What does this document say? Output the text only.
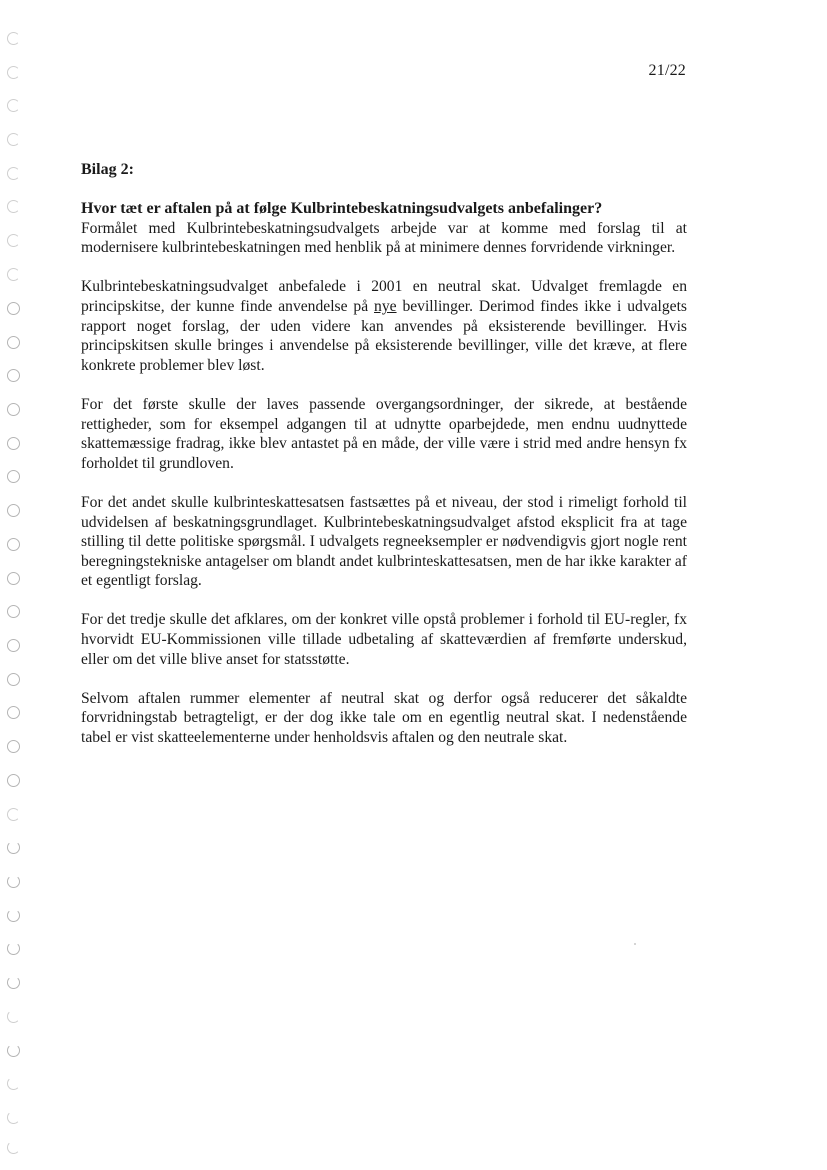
21/22
Bilag 2:
Hvor tæt er aftalen på at følge Kulbrintebeskatningsudvalgets anbefalinger?

Formålet med Kulbrintebeskatningsudvalgets arbejde var at komme med forslag til at modernisere kulbrintebeskatningen med henblik på at minimere dennes forvridende virkninger.

Kulbrintebeskatningsudvalget anbefalede i 2001 en neutral skat. Udvalget fremlagde en principskitse, der kunne finde anvendelse på nye bevillinger. Derimod findes ikke i udvalgets rapport noget forslag, der uden videre kan anvendes på eksisterende bevillinger. Hvis principskitsen skulle bringes i anvendelse på eksisterende bevillinger, ville det kræve, at flere konkrete problemer blev løst.

For det første skulle der laves passende overgangsordninger, der sikrede, at bestående rettigheder, som for eksempel adgangen til at udnytte oparbejdede, men endnu uudnyttede skattemæssige fradrag, ikke blev antastet på en måde, der ville være i strid med andre hensyn fx forholdet til grundloven.

For det andet skulle kulbrinteskattesatsen fastsættes på et niveau, der stod i rimeligt forhold til udvidelsen af beskatningsgrundlaget. Kulbrintebeskatningsudvalget afstod eksplicit fra at tage stilling til dette politiske spørgsmål. I udvalgets regneeksempler er nødvendigvis gjort nogle rent beregningstekniske antagelser om blandt andet kulbrinteskattesatsen, men de har ikke karakter af et egentligt forslag.

For det tredje skulle det afklares, om der konkret ville opstå problemer i forhold til EU-regler, fx hvorvidt EU-Kommissionen ville tillade udbetaling af skatteværdien af fremførte underskud, eller om det ville blive anset for statsstøtte.

Selvom aftalen rummer elementer af neutral skat og derfor også reducerer det såkaldte forvridningstab betragteligt, er der dog ikke tale om en egentlig neutral skat. I nedenstående tabel er vist skatteelementerne under henholdsvis aftalen og den neutrale skat.
